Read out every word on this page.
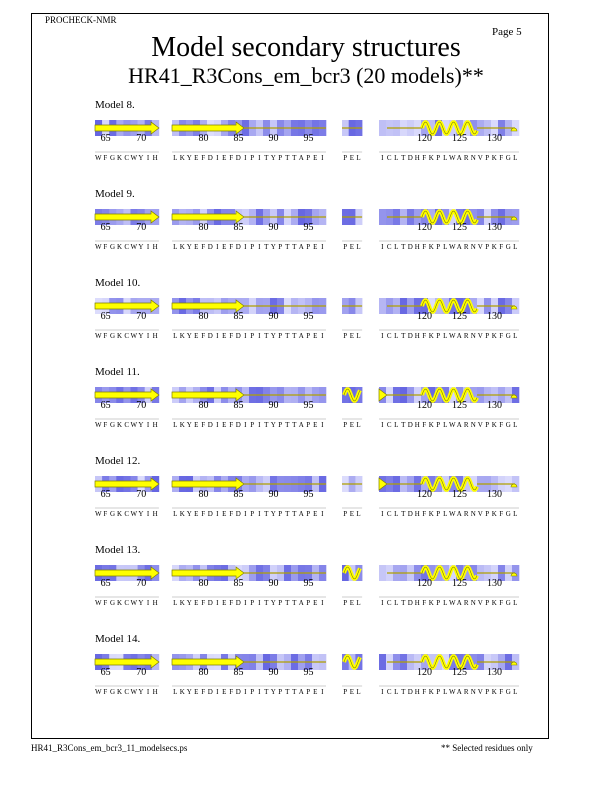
PROCHECK-NMR
Page 5
Model secondary structures
HR41_R3Cons_em_bcr3 (20 models)**
Model 8.
65	70
W F G K C W Y I H
80	85	90	95
L K Y E F D I E F D I P I T Y P T T A P E I	P E L
120 125 130
I C L T D H F K P L W A R N V P K F G L
Model 9.
65	70
W F G K C W Y I H
80	85	90	95
L K Y E F D I E F D I P I T Y P T T A P E I	P E L
120 125 130
I C L T D H F K P L W A R N V P K F G L
Model 10.
65	70
W F G K C W Y I H
80	85	90	95
L K Y E F D I E F D I P I T Y P T T A P E I	P E L
120 125 130
I C L T D H F K P L W A R N V P K F G L
Model 11.
65	70
W F G K C W Y I H
80	85	90	95
L K Y E F D I E F D I P I T Y P T T A P E I	P E L
120 125 130
I C L T D H F K P L W A R N V P K F G L
Model 12.
65	70
W F G K C W Y I H
80	85	90	95
L K Y E F D I E F D I P I T Y P T T A P E I	P E L
120 125 130
I C L T D H F K P L W A R N V P K F G L
Model 13.
65	70
W F G K C W Y I H
80	85	90	95
L K Y E F D I E F D I P I T Y P T T A P E I	P E L
120 125 130
I C L T D H F K P L W A R N V P K F G L
Model 14.
65	70
W F G K C W Y I H
80	85	90	95
L K Y E F D I E F D I P I T Y P T T A P E I	P E L
120 125 130
I C L T D H F K P L W A R N V P K F G L
HR41_R3Cons_em_bcr3_11_modelsecs.ps	** Selected residues only
